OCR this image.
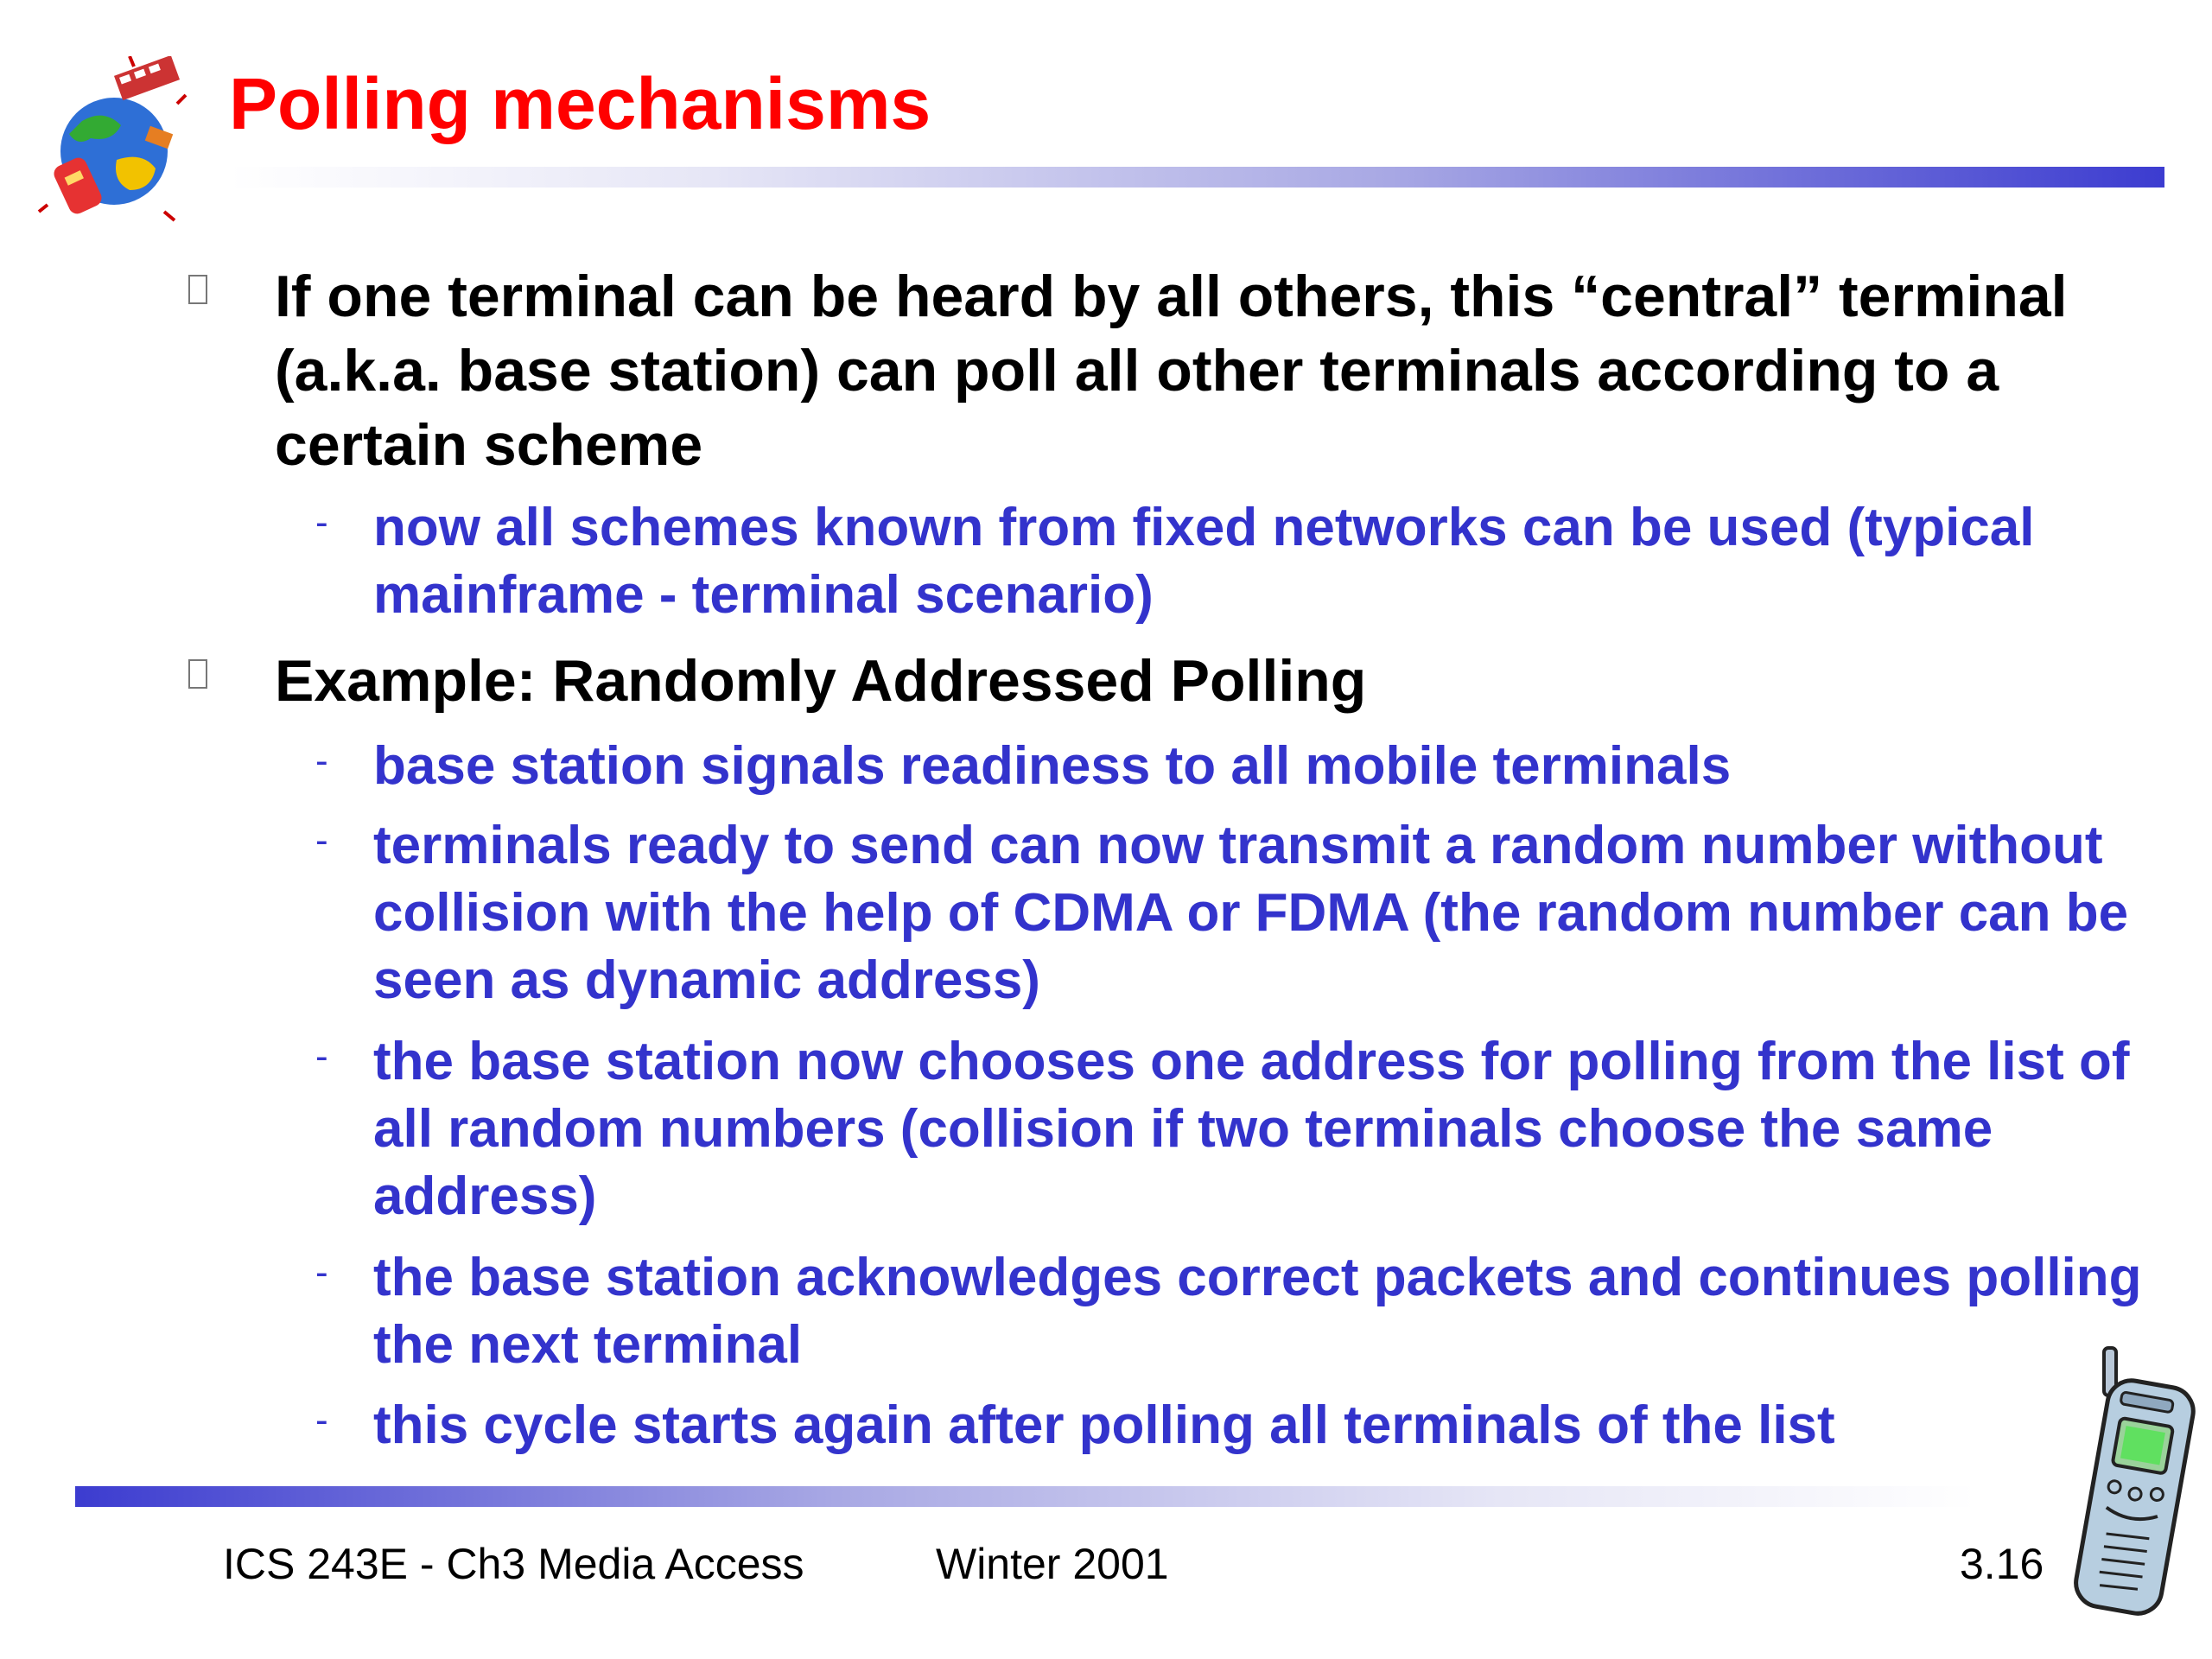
Polling mechanisms
If one terminal can be heard by all others, this “central” terminal (a.k.a. base station) can poll all other terminals according to a certain scheme
- now all schemes known from fixed networks can be used (typical mainframe - terminal scenario)
Example: Randomly Addressed Polling
- base station signals readiness to all mobile terminals
- terminals ready to send can now transmit a random number without collision with the help of CDMA or FDMA (the random number can be seen as dynamic address)
- the base station now chooses one address for polling from the list of all random numbers (collision if two terminals choose the same address)
- the base station acknowledges correct packets and continues polling the next terminal
- this cycle starts again after polling all terminals of the list
ICS 243E - Ch3 Media Access	Winter 2001	3.16
